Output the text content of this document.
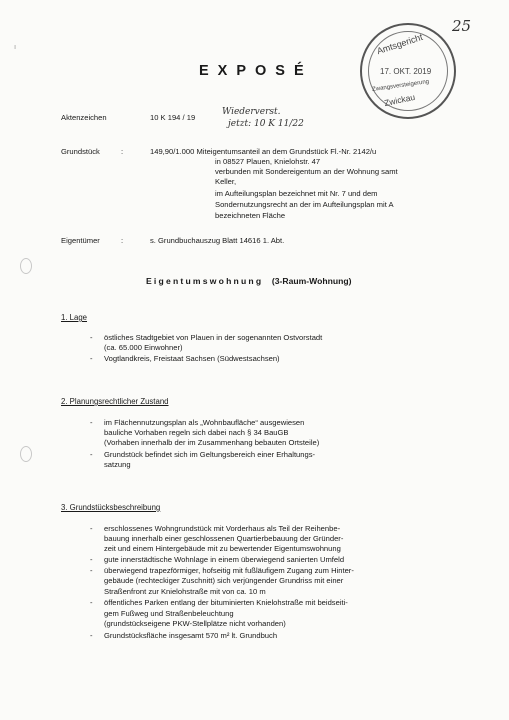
ı
25
Amtsgericht
17. OKT. 2019
Zwangsversteigerung
Zwickau
EXPOSÉ
Aktenzeichen	10 K 194 / 19
Wiederverst.
jetzt: 10 K 11/22
Grundstück	:	149,90/1.000 Miteigentumsanteil an dem Grundstück Fl.-Nr. 2142/u
in 08527 Plauen, Knielohstr. 47
verbunden mit Sondereigentum an der Wohnung samt
Keller,
im Aufteilungsplan bezeichnet mit Nr. 7 und dem
Sondernutzungsrecht an der im Aufteilungsplan mit A
bezeichneten Fläche
Eigentümer	:	s. Grundbuchauszug Blatt 14616 1. Abt.
Eigentumswohnung (3-Raum-Wohnung)
1. Lage
- östliches Stadtgebiet von Plauen in der sogenannten Ostvorstadt
(ca. 65.000 Einwohner)
- Vogtlandkreis, Freistaat Sachsen (Südwestsachsen)
2. Planungsrechtlicher Zustand
- im Flächennutzungsplan als „Wohnbaufläche“ ausgewiesen
bauliche Vorhaben regeln sich dabei nach § 34 BauGB
(Vorhaben innerhalb der im Zusammenhang bebauten Ortsteile)
- Grundstück befindet sich im Geltungsbereich einer Erhaltungs-
satzung
3. Grundstücksbeschreibung
- erschlossenes Wohngrundstück mit Vorderhaus als Teil der Reihenbe-
bauung innerhalb einer geschlossenen Quartierbebauung der Gründer-
zeit und einem Hintergebäude mit zu bewertender Eigentumswohnung
- gute innerstädtische Wohnlage in einem überwiegend sanierten Umfeld
- überwiegend trapezförmiger, hofseitig mit fußläufigem Zugang zum Hinter-
gebäude (rechteckiger Zuschnitt) sich verjüngender Grundriss mit einer
Straßenfront zur Knielohstraße mit von ca. 10 m
- öffentliches Parken entlang der bituminierten Knielohstraße mit beidseiti-
gem Fußweg und Straßenbeleuchtung
(grundstückseigene PKW-Stellplätze nicht vorhanden)
- Grundstücksfläche insgesamt 570 m² lt. Grundbuch
